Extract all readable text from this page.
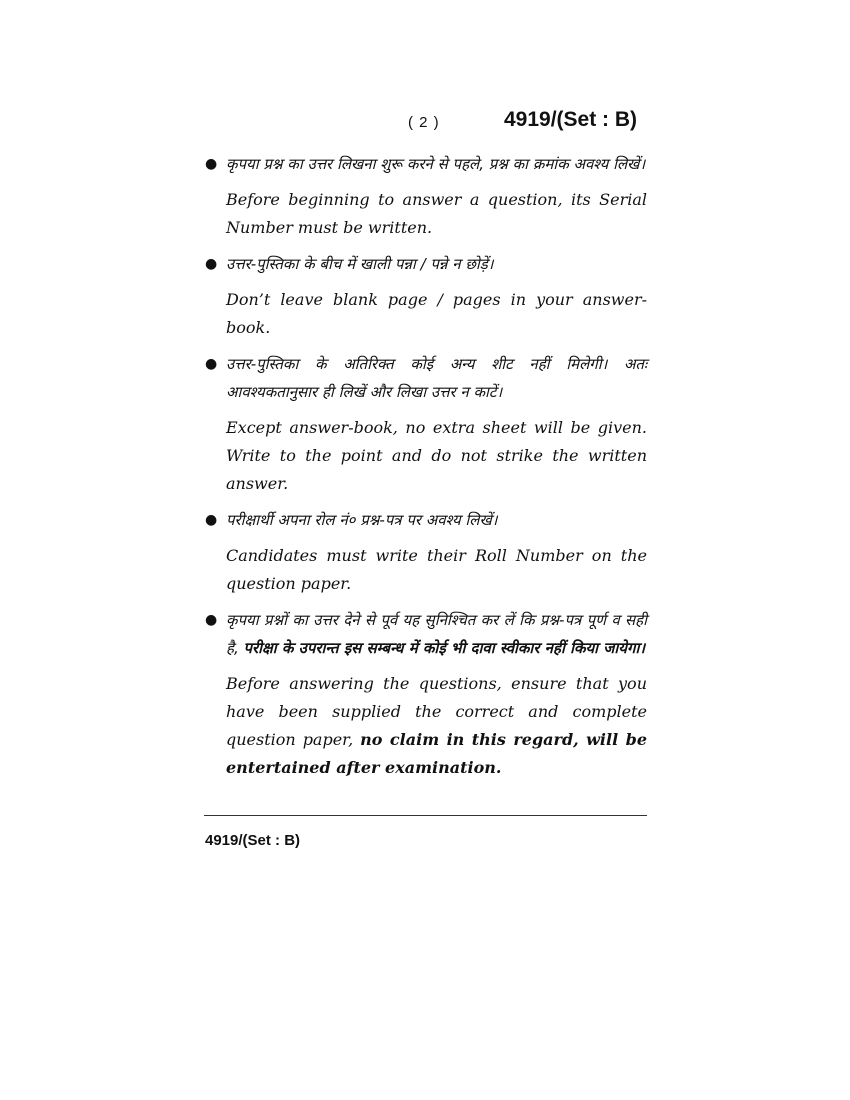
( 2 )	4919/(Set : B)
● कृपया प्रश्न का उत्तर लिखना शुरू करने से पहले, प्रश्न का क्रमांक अवश्य लिखें।

Before beginning to answer a question, its Serial Number must be written.

● उत्तर-पुस्तिका के बीच में खाली पन्ना / पन्ने न छोड़ें।

Don’t leave blank page / pages in your answer-book.

● उत्तर-पुस्तिका के अतिरिक्त कोई अन्य शीट नहीं मिलेगी। अतः आवश्यकतानुसार ही लिखें और लिखा उत्तर न काटें।

Except answer-book, no extra sheet will be given. Write to the point and do not strike the written answer.

● परीक्षार्थी अपना रोल नं० प्रश्न-पत्र पर अवश्य लिखें।

Candidates must write their Roll Number on the question paper.

● कृपया प्रश्नों का उत्तर देने से पूर्व यह सुनिश्चित कर लें कि प्रश्न-पत्र पूर्ण व सही है, परीक्षा के उपरान्त इस सम्बन्ध में कोई भी दावा स्वीकार नहीं किया जायेगा।

Before answering the questions, ensure that you have been supplied the correct and complete question paper, no claim in this regard, will be entertained after examination.

4919/(Set : B)
